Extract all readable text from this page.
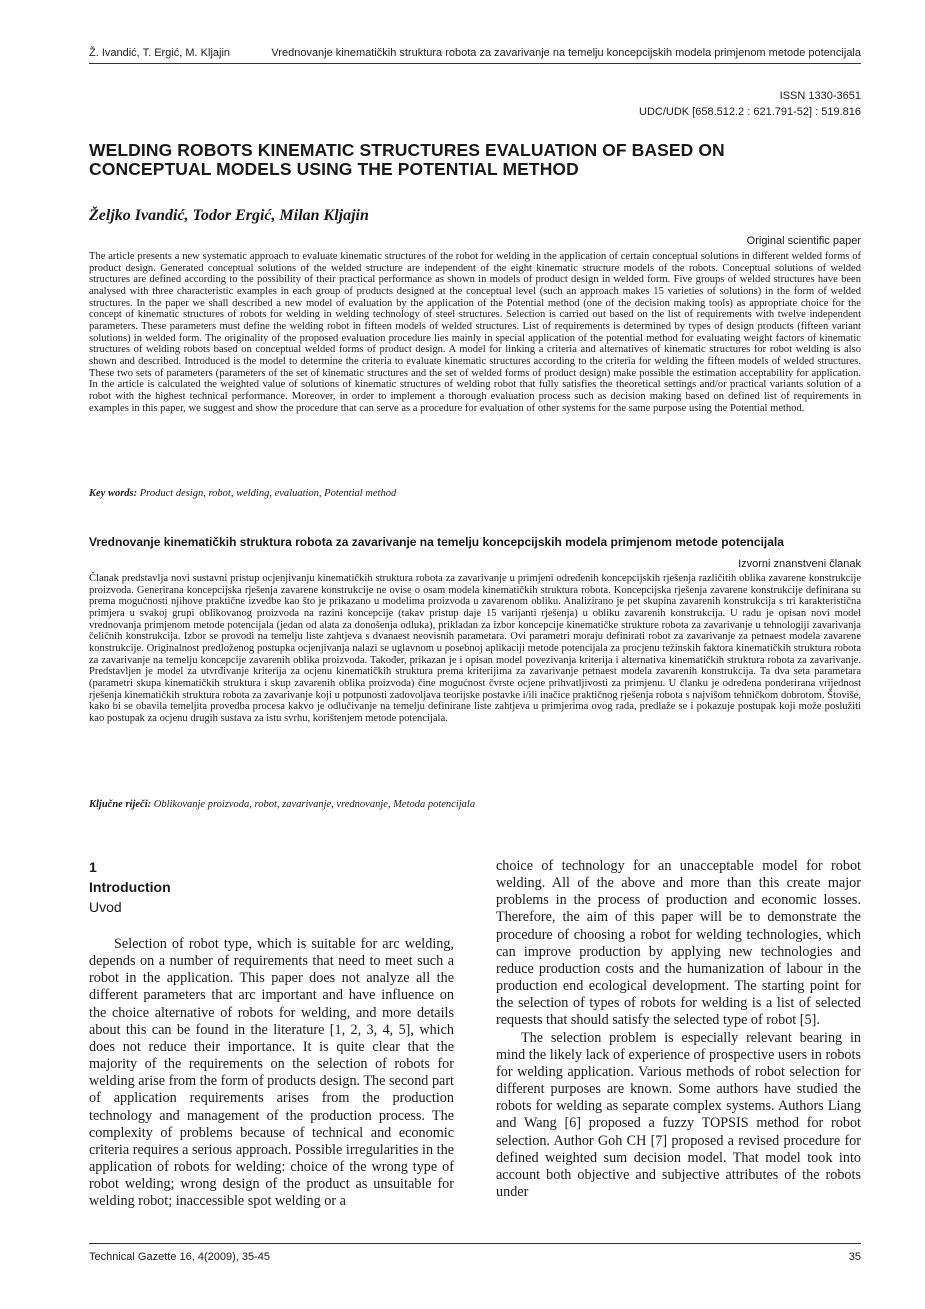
Ž. Ivandić, T. Ergić, M. Kljajin	Vrednovanje kinematičkih struktura robota za zavarivanje na temelju koncepcijskih modela primjenom metode potencijala
ISSN 1330-3651
UDC/UDK [658.512.2 : 621.791-52] : 519.816
WELDING ROBOTS KINEMATIC STRUCTURES EVALUATION OF BASED ON CONCEPTUAL MODELS USING THE POTENTIAL METHOD
Željko Ivandić, Todor Ergić, Milan Kljajin
Original scientific paper

The article presents a new systematic approach to evaluate kinematic structures of the robot for welding in the application of certain conceptual solutions in different welded forms of product design. Generated conceptual solutions of the welded structure are independent of the eight kinematic structure models of the robots. Conceptual solutions of welded structures are defined according to the possibility of their practical performance as shown in models of product design in welded form. Five groups of welded structures have been analysed with three characteristic examples in each group of products designed at the conceptual level (such an approach makes 15 varieties of solutions) in the form of welded structures. In the paper we shall described a new model of evaluation by the application of the Potential method (one of the decision making tools) as appropriate choice for the concept of kinematic structures of robots for welding in welding technology of steel structures. Selection is carried out based on the list of requirements with twelve independent parameters. These parameters must define the welding robot in fifteen models of welded structures. List of requirements is determined by types of design products (fifteen variant solutions) in welded form. The originality of the proposed evaluation procedure lies mainly in special application of the potential method for evaluating weight factors of kinematic structures of welding robots based on conceptual welded forms of product design. A model for linking a criteria and alternatives of kinematic structures for robot welding is also shown and described. Introduced is the model to determine the criteria to evaluate kinematic structures according to the criteria for welding the fifteen models of welded structures. These two sets of parameters (parameters of the set of kinematic structures and the set of welded forms of product design) make possible the estimation acceptability for application. In the article is calculated the weighted value of solutions of kinematic structures of welding robot that fully satisfies the theoretical settings and/or practical variants solution of a robot with the highest technical performance. Moreover, in order to implement a thorough evaluation process such as decision making based on defined list of requirements in examples in this paper, we suggest and show the procedure that can serve as a procedure for evaluation of other systems for the same purpose using the Potential method.

Key words: Product design, robot, welding, evaluation, Potential method
Vrednovanje kinematičkih struktura robota za zavarivanje na temelju koncepcijskih modela primjenom metode potencijala
Izvorni znanstveni članak

Članak predstavlja novi sustavni pristup ocjenjivanju kinematičkih struktura robota za zavarivanje u primjeni određenih koncepcijskih rješenja različitih oblika zavarene konstrukcije proizvoda. Generirana koncepcijska rješenja zavarene konstrukcije ne ovise o osam modela kinematičkih struktura robota. Koncepcijska rješenja zavarene konstrukcije definirana su prema mogućnosti njihove praktične izvedbe kao što je prikazano u modelima proizvoda u zavarenom obliku. Analizirano je pet skupina zavarenih konstrukcija s tri karakteristična primjera u svakoj grupi oblikovanog proizvoda na razini koncepcije (takav pristup daje 15 varijanti rješenja) u obliku zavarenih konstrukcija. U radu je opisan novi model vrednovanja primjenom metode potencijala (jedan od alata za donošenja odluka), prikladan za izbor koncepcije kinematičke strukture robota za zavarivanje u tehnologiji zavarivanja čeličnih konstrukcija. Izbor se provodi na temelju liste zahtjeva s dvanaest neovisnih parametara. Ovi parametri moraju definirati robot za zavarivanje za petnaest modela zavarene konstrukcije. Originalnost predloženog postupka ocjenjivanja nalazi se uglavnom u posebnoj aplikaciji metode potencijala za procjenu težinskih faktora kinematičkih struktura robota za zavarivanje na temelju koncepcije zavarenih oblika proizvoda. Također, prikazan je i opisan model povezivanja kriterija i alternativa kinematičkih struktura robota za zavarivanje. Predstavljen je model za utvrđivanje kriterija za ocjenu kinematičkih struktura prema kriterijima za zavarivanje petnaest modela zavarenih konstrukcija. Ta dva seta parametara (parametri skupa kinematičkih struktura i skup zavarenih oblika proizvoda) čine mogućnost čvrste ocjene prihvatljivosti za primjenu. U članku je određena ponderirana vrijednost rješenja kinematičkih struktura robota za zavarivanje koji u potpunosti zadovoljava teorijske postavke i/ili inačice praktičnog rješenja robota s najvišom tehničkom dobrotom. Štoviše, kako bi se obavila temeljita provedba procesa kakvo je odlučivanje na temelju definirane liste zahtjeva u primjerima ovog rada, predlaže se i pokazuje postupak koji može poslužiti kao postupak za ocjenu drugih sustava za istu svrhu, korištenjem metode potencijala.

Ključne riječi: Oblikovanje proizvoda, robot, zavarivanje, vrednovanje, Metoda potencijala
1
Introduction
Uvod

Selection of robot type, which is suitable for arc welding, depends on a number of requirements that need to meet such a robot in the application. This paper does not analyze all the different parameters that arc important and have influence on the choice alternative of robots for welding, and more details about this can be found in the literature [1, 2, 3, 4, 5], which does not reduce their importance. It is quite clear that the majority of the requirements on the selection of robots for welding arise from the form of products design. The second part of application requirements arises from the production technology and management of the production process. The complexity of problems because of technical and economic criteria requires a serious approach. Possible irregularities in the application of robots for welding: choice of the wrong type of robot welding; wrong design of the product as unsuitable for welding robot; inaccessible spot welding or a

choice of technology for an unacceptable model for robot welding. All of the above and more than this create major problems in the process of production and economic losses. Therefore, the aim of this paper will be to demonstrate the procedure of choosing a robot for welding technologies, which can improve production by applying new technologies and reduce production costs and the humanization of labour in the production end ecological development. The starting point for the selection of types of robots for welding is a list of selected requests that should satisfy the selected type of robot [5].

The selection problem is especially relevant bearing in mind the likely lack of experience of prospective users in robots for welding application. Various methods of robot selection for different purposes are known. Some authors have studied the robots for welding as separate complex systems. Authors Liang and Wang [6] proposed a fuzzy TOPSIS method for robot selection. Author Goh CH [7] proposed a revised procedure for defined weighted sum decision model. That model took into account both objective and subjective attributes of the robots under

Technical Gazette 16, 4(2009), 35-45	35
